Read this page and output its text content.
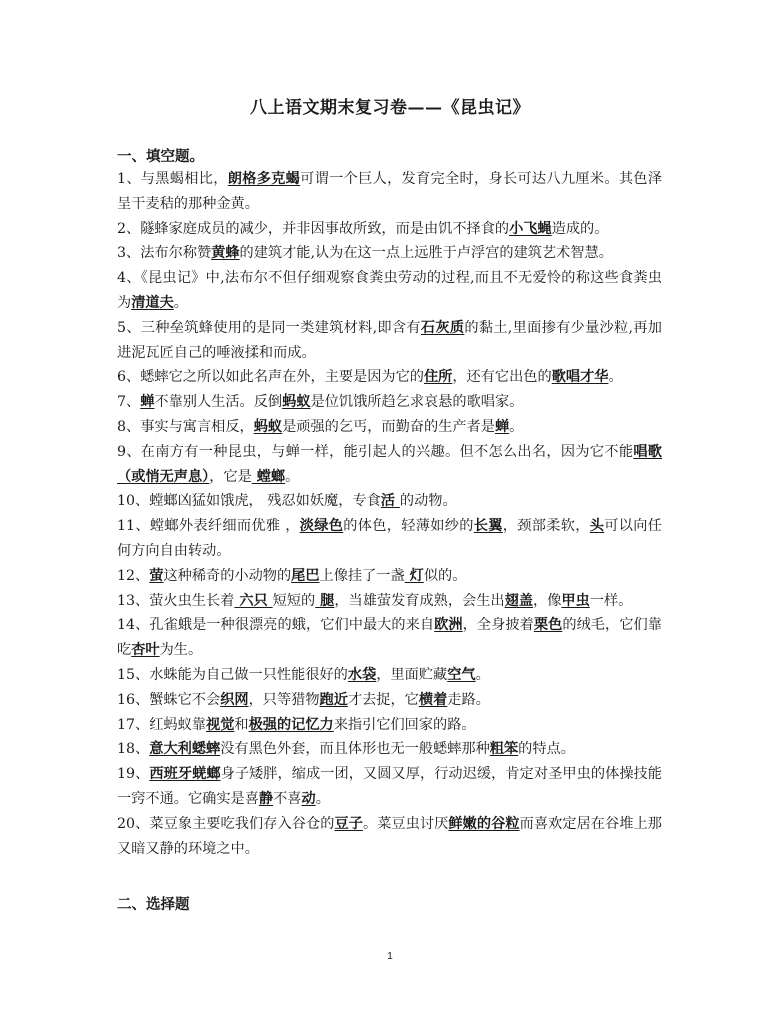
八上语文期末复习卷——《昆虫记》
一、填空题。
1、与黑蝎相比，朗格多克蝎可谓一个巨人，发育完全时，身长可达八九厘米。其色泽呈干麦秸的那种金黄。
2、隧蜂家庭成员的减少，并非因事故所致，而是由饥不择食的小飞蝇造成的。
3、法布尔称赞黄蜂的建筑才能,认为在这一点上远胜于卢浮宫的建筑艺术智慧。
4、《昆虫记》中,法布尔不但仔细观察食粪虫劳动的过程,而且不无爱怜的称这些食粪虫为清道夫。
5、三种垒筑蜂使用的是同一类建筑材料,即含有石灰质的黏土,里面掺有少量沙粒,再加进泥瓦匠自己的唾液揉和而成。
6、蟋蟀它之所以如此名声在外，主要是因为它的住所，还有它出色的歌唱才华。
7、蝉不靠别人生活。反倒蚂蚁是位饥饿所趋乞求哀悬的歌唱家。
8、事实与寓言相反，蚂蚁是顽强的乞丐，而勤奋的生产者是蝉。
9、在南方有一种昆虫，与蝉一样，能引起人的兴趣。但不怎么出名，因为它不能唱歌（或悄无声息），它是 螳螂。
10、螳螂凶猛如饿虎， 残忍如妖魔，专食活 的动物。
11、螳螂外表纤细而优雅 ，淡绿色的体色，轻薄如纱的长翼，颈部柔软，头可以向任何方向自由转动。
12、萤这种稀奇的小动物的尾巴上像挂了一盏 灯似的。
13、萤火虫生长着 六只 短短的 腿，当雄萤发育成熟，会生出翅盖，像甲虫一样。
14、孔雀蛾是一种很漂亮的蛾，它们中最大的来自欧洲，全身披着栗色的绒毛，它们靠吃杏叶为生。
15、水蛛能为自己做一只性能很好的水袋，里面贮藏空气。
16、蟹蛛它不会织网，只等猎物跑近才去捉，它横着走路。
17、红蚂蚁靠视觉和极强的记忆力来指引它们回家的路。
18、意大利蟋蟀没有黑色外套，而且体形也无一般蟋蟀那种粗笨的特点。
19、西班牙蜣螂身子矮胖，缩成一团，又圆又厚，行动迟缓，肯定对圣甲虫的体操技能一窍不通。它确实是喜静不喜动。
20、菜豆象主要吃我们存入谷仓的豆子。菜豆虫讨厌鲜嫩的谷粒而喜欢定居在谷堆上那又暗又静的环境之中。
二、选择题
1
